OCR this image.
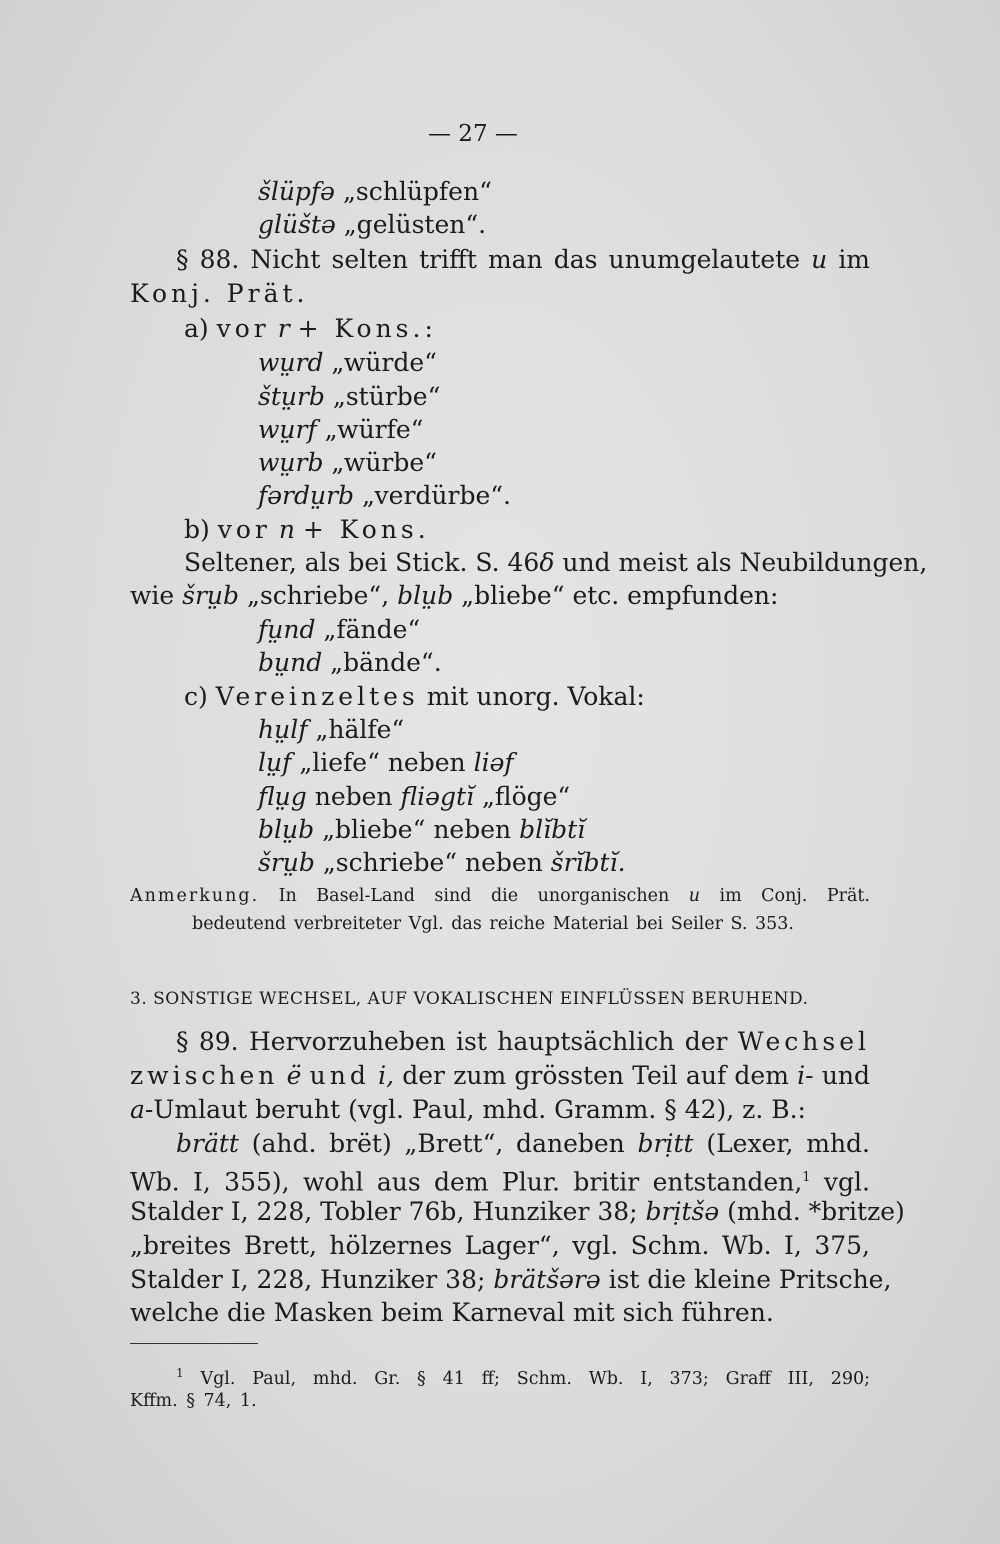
— 27 —
šlüpfə „schlüpfen“
glüštə „gelüsten“.
§ 88. Nicht selten trifft man das unumgelautete u im
Konj. Prät.
a) vor r + Kons.:
wṳrd „würde“
štṳrb „stürbe“
wṳrf „würfe“
wṳrb „würbe“
fərdṳrb „verdürbe“.
b) vor n + Kons.
Seltener, als bei Stick. S. 46δ und meist als Neubildungen,
wie šrṳb „schriebe“, blṳb „bliebe“ etc. empfunden:
fṳnd „fände“
bṳnd „bände“.
c) Vereinzeltes mit unorg. Vokal:
hṳlf „hälfe“
lṳf „liefe“ neben liəf
flṳg neben fliəgtĭ „flöge“
blṳb „bliebe“ neben blĭbtĭ
šrṳb „schriebe“ neben šrĭbtĭ.
Anmerkung. In Basel-Land sind die unorganischen u im Conj. Prät.
bedeutend verbreiteter Vgl. das reiche Material bei Seiler S. 353.
3. SONSTIGE WECHSEL, AUF VOKALISCHEN EINFLÜSSEN BERUHEND.
§ 89. Hervorzuheben ist hauptsächlich der Wechsel
zwischen ë und i, der zum grössten Teil auf dem i- und
a-Umlaut beruht (vgl. Paul, mhd. Gramm. § 42), z. B.:
brätt (ahd. brët) „Brett“, daneben brịtt (Lexer, mhd.
Wb. I, 355), wohl aus dem Plur. britir entstanden,$^1$ vgl.
Stalder I, 228, Tobler 76b, Hunziker 38; brịtšə (mhd. *britze)
„breites Brett, hölzernes Lager“, vgl. Schm. Wb. I, 375,
Stalder I, 228, Hunziker 38; brätšərə ist die kleine Pritsche,
welche die Masken beim Karneval mit sich führen.
$^1$ Vgl. Paul, mhd. Gr. § 41 ff; Schm. Wb. I, 373; Graff III, 290;
Kffm. § 74, 1.
